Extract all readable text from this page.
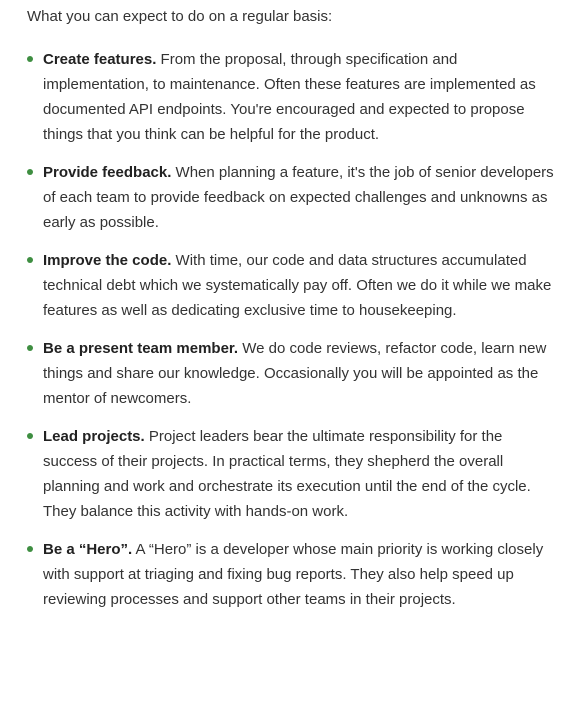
What you can expect to do on a regular basis:

Create features. From the proposal, through specification and implementation, to maintenance. Often these features are implemented as documented API endpoints. You're encouraged and expected to propose things that you think can be helpful for the product.
Provide feedback. When planning a feature, it's the job of senior developers of each team to provide feedback on expected challenges and unknowns as early as possible.
Improve the code. With time, our code and data structures accumulated technical debt which we systematically pay off. Often we do it while we make features as well as dedicating exclusive time to housekeeping.
Be a present team member. We do code reviews, refactor code, learn new things and share our knowledge. Occasionally you will be appointed as the mentor of newcomers.
Lead projects. Project leaders bear the ultimate responsibility for the success of their projects. In practical terms, they shepherd the overall planning and work and orchestrate its execution until the end of the cycle. They balance this activity with hands-on work.
Be a “Hero”. A “Hero” is a developer whose main priority is working closely with support at triaging and fixing bug reports. They also help speed up reviewing processes and support other teams in their projects.
